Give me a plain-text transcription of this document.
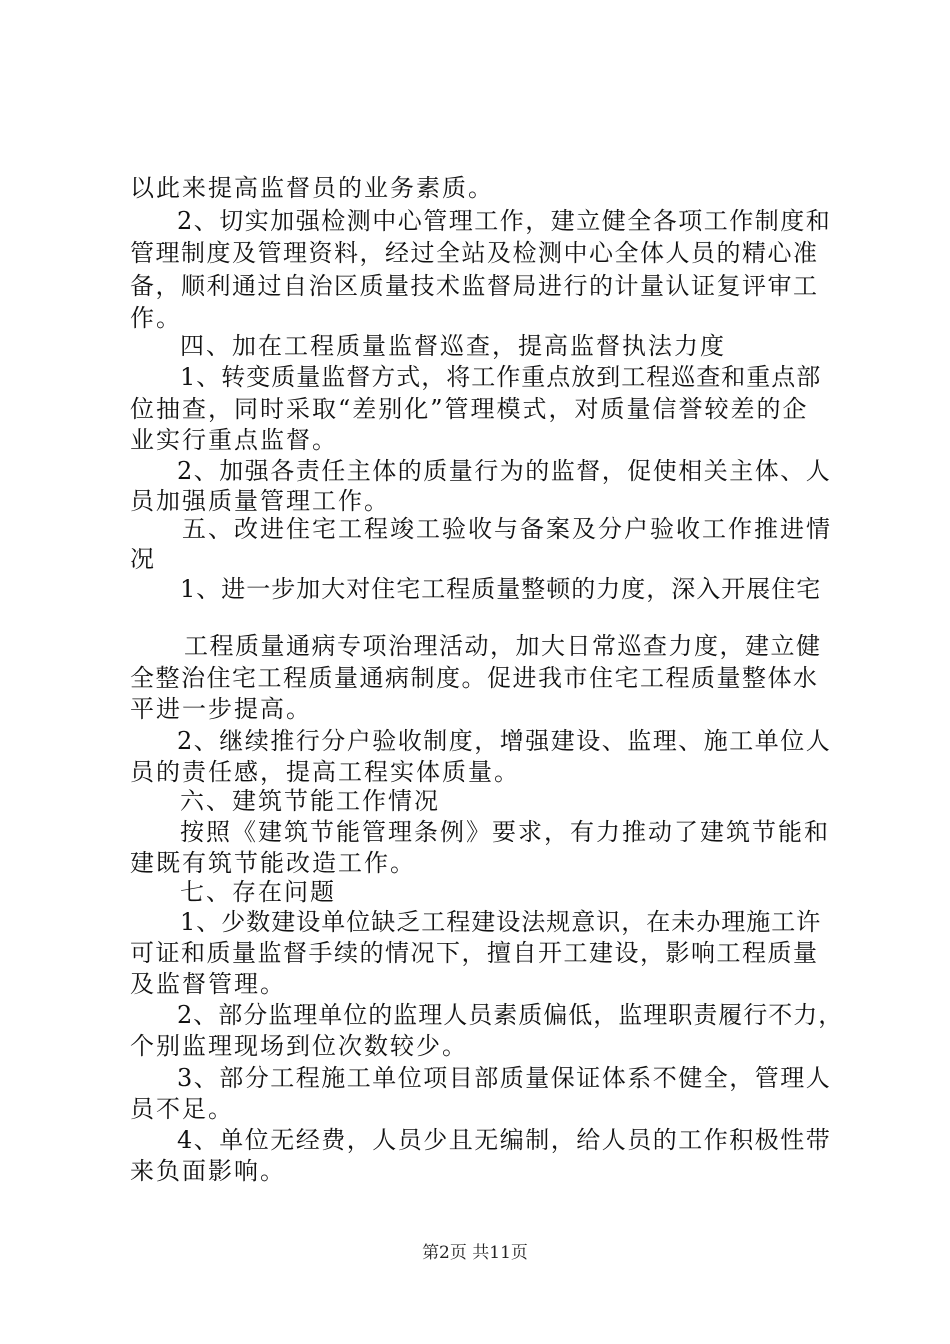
以此来提高监督员的业务素质。
2、切实加强检测中心管理工作，建立健全各项工作制度和
管理制度及管理资料，经过全站及检测中心全体人员的精心准
备，顺利通过自治区质量技术监督局进行的计量认证复评审工
作。
四、加在工程质量监督巡查，提高监督执法力度
1、转变质量监督方式，将工作重点放到工程巡查和重点部
位抽查，同时采取“差别化”管理模式，对质量信誉较差的企
业实行重点监督。
2、加强各责任主体的质量行为的监督，促使相关主体、人
员加强质量管理工作。
五、改进住宅工程竣工验收与备案及分户验收工作推进情
况
1、进一步加大对住宅工程质量整顿的力度，深入开展住宅
工程质量通病专项治理活动，加大日常巡查力度，建立健
全整治住宅工程质量通病制度。促进我市住宅工程质量整体水
平进一步提高。
2、继续推行分户验收制度，增强建设、监理、施工单位人
员的责任感，提高工程实体质量。
六、建筑节能工作情况
按照《建筑节能管理条例》要求，有力推动了建筑节能和
建既有筑节能改造工作。
七、存在问题
1、少数建设单位缺乏工程建设法规意识，在未办理施工许
可证和质量监督手续的情况下，擅自开工建设，影响工程质量
及监督管理。
2、部分监理单位的监理人员素质偏低，监理职责履行不力，
个别监理现场到位次数较少。
3、部分工程施工单位项目部质量保证体系不健全，管理人
员不足。
4、单位无经费，人员少且无编制，给人员的工作积极性带
来负面影响。
第2页 共11页
